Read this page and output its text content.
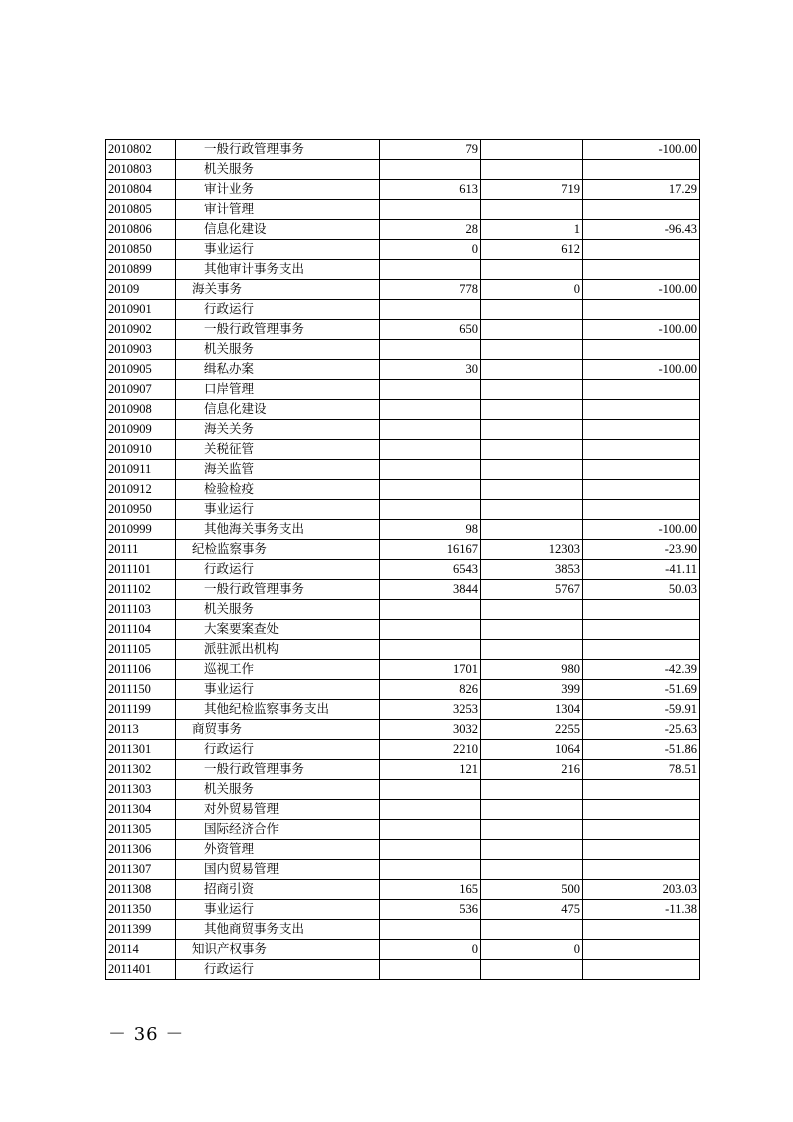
2010802	一般行政管理事务	79		-100.00
2010803	机关服务			
2010804	审计业务	613	719	17.29
2010805	审计管理			
2010806	信息化建设	28	1	-96.43
2010850	事业运行	0	612	
2010899	其他审计事务支出			
20109	海关事务	778	0	-100.00
2010901	行政运行			
2010902	一般行政管理事务	650		-100.00
2010903	机关服务			
2010905	缉私办案	30		-100.00
2010907	口岸管理			
2010908	信息化建设			
2010909	海关关务			
2010910	关税征管			
2010911	海关监管			
2010912	检验检疫			
2010950	事业运行			
2010999	其他海关事务支出	98		-100.00
20111	纪检监察事务	16167	12303	-23.90
2011101	行政运行	6543	3853	-41.11
2011102	一般行政管理事务	3844	5767	50.03
2011103	机关服务			
2011104	大案要案查处			
2011105	派驻派出机构			
2011106	巡视工作	1701	980	-42.39
2011150	事业运行	826	399	-51.69
2011199	其他纪检监察事务支出	3253	1304	-59.91
20113	商贸事务	3032	2255	-25.63
2011301	行政运行	2210	1064	-51.86
2011302	一般行政管理事务	121	216	78.51
2011303	机关服务			
2011304	对外贸易管理			
2011305	国际经济合作			
2011306	外资管理			
2011307	国内贸易管理			
2011308	招商引资	165	500	203.03
2011350	事业运行	536	475	-11.38
2011399	其他商贸事务支出			
20114	知识产权事务	0	0	
2011401	行政运行			
－ 36 －
